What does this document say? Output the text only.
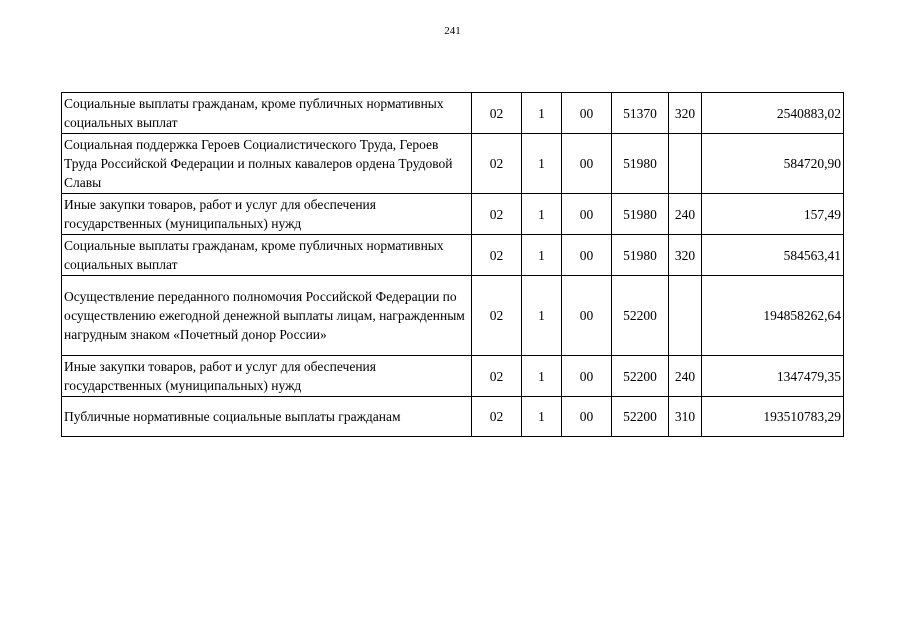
241
Социальные выплаты гражданам, кроме публичных нормативных социальных выплат	02	1	00	51370	320	2540883,02
Социальная поддержка Героев Социалистического Труда, Героев Труда Российской Федерации и полных кавалеров ордена Трудовой Славы	02	1	00	51980		584720,90
Иные закупки товаров, работ и услуг для обеспечения государственных (муниципальных) нужд	02	1	00	51980	240	157,49
Социальные выплаты гражданам, кроме публичных нормативных социальных выплат	02	1	00	51980	320	584563,41
Осуществление переданного полномочия Российской Федерации по осуществлению ежегодной денежной выплаты лицам, награжденным нагрудным знаком «Почетный донор России»	02	1	00	52200		194858262,64
Иные закупки товаров, работ и услуг для обеспечения государственных (муниципальных) нужд	02	1	00	52200	240	1347479,35
Публичные нормативные социальные выплаты гражданам	02	1	00	52200	310	193510783,29
